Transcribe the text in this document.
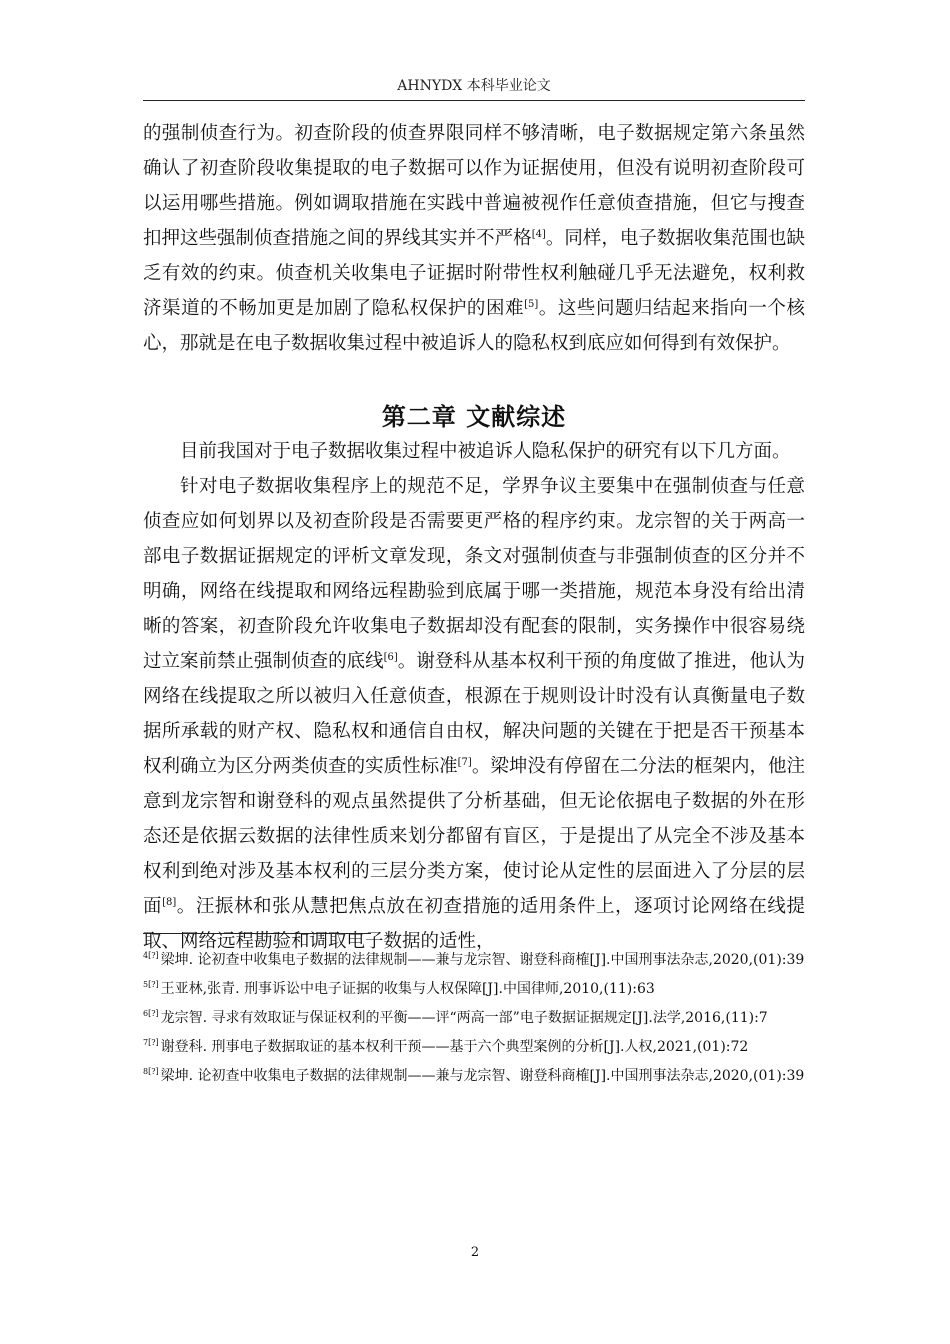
AHNYDX 本科毕业论文

的强制侦查行为。初查阶段的侦查界限同样不够清晰，电子数据规定第六条虽然确认了初查阶段收集提取的电子数据可以作为证据使用，但没有说明初查阶段可以运用哪些措施。例如调取措施在实践中普遍被视作任意侦查措施，但它与搜查扣押这些强制侦查措施之间的界线其实并不严格[4]。同样，电子数据收集范围也缺乏有效的约束。侦查机关收集电子证据时附带性权利触碰几乎无法避免，权利救济渠道的不畅加更是加剧了隐私权保护的困难[5]。这些问题归结起来指向一个核心，那就是在电子数据收集过程中被追诉人的隐私权到底应如何得到有效保护。

第二章 文献综述

目前我国对于电子数据收集过程中被追诉人隐私保护的研究有以下几方面。

针对电子数据收集程序上的规范不足，学界争议主要集中在强制侦查与任意侦查应如何划界以及初查阶段是否需要更严格的程序约束。龙宗智的关于两高一部电子数据证据规定的评析文章发现，条文对强制侦查与非强制侦查的区分并不明确，网络在线提取和网络远程勘验到底属于哪一类措施，规范本身没有给出清晰的答案，初查阶段允许收集电子数据却没有配套的限制，实务操作中很容易绕过立案前禁止强制侦查的底线[6]。谢登科从基本权利干预的角度做了推进，他认为网络在线提取之所以被归入任意侦查，根源在于规则设计时没有认真衡量电子数据所承载的财产权、隐私权和通信自由权，解决问题的关键在于把是否干预基本权利确立为区分两类侦查的实质性标准[7]。梁坤没有停留在二分法的框架内，他注意到龙宗智和谢登科的观点虽然提供了分析基础，但无论依据电子数据的外在形态还是依据云数据的法律性质来划分都留有盲区，于是提出了从完全不涉及基本权利到绝对涉及基本权利的三层分类方案，使讨论从定性的层面进入了分层的层面[8]。汪振林和张从慧把焦点放在初查措施的适用条件上，逐项讨论网络在线提取、网络远程勘验和调取电子数据的适性，

$^{4[?]}$ 梁坤. 论初查中收集电子数据的法律规制——兼与龙宗智、谢登科商榷[J].中国刑事法杂志,2020,(01):39

$^{5[?]}$ 王亚林,张青. 刑事诉讼中电子证据的收集与人权保障[J].中国律师,2010,(11):63

$^{6[?]}$ 龙宗智. 寻求有效取证与保证权利的平衡——评“两高一部”电子数据证据规定[J].法学,2016,(11):7

$^{7[?]}$ 谢登科. 刑事电子数据取证的基本权利干预——基于六个典型案例的分析[J].人权,2021,(01):72

$^{8[?]}$ 梁坤. 论初查中收集电子数据的法律规制——兼与龙宗智、谢登科商榷[J].中国刑事法杂志,2020,(01):39

2
